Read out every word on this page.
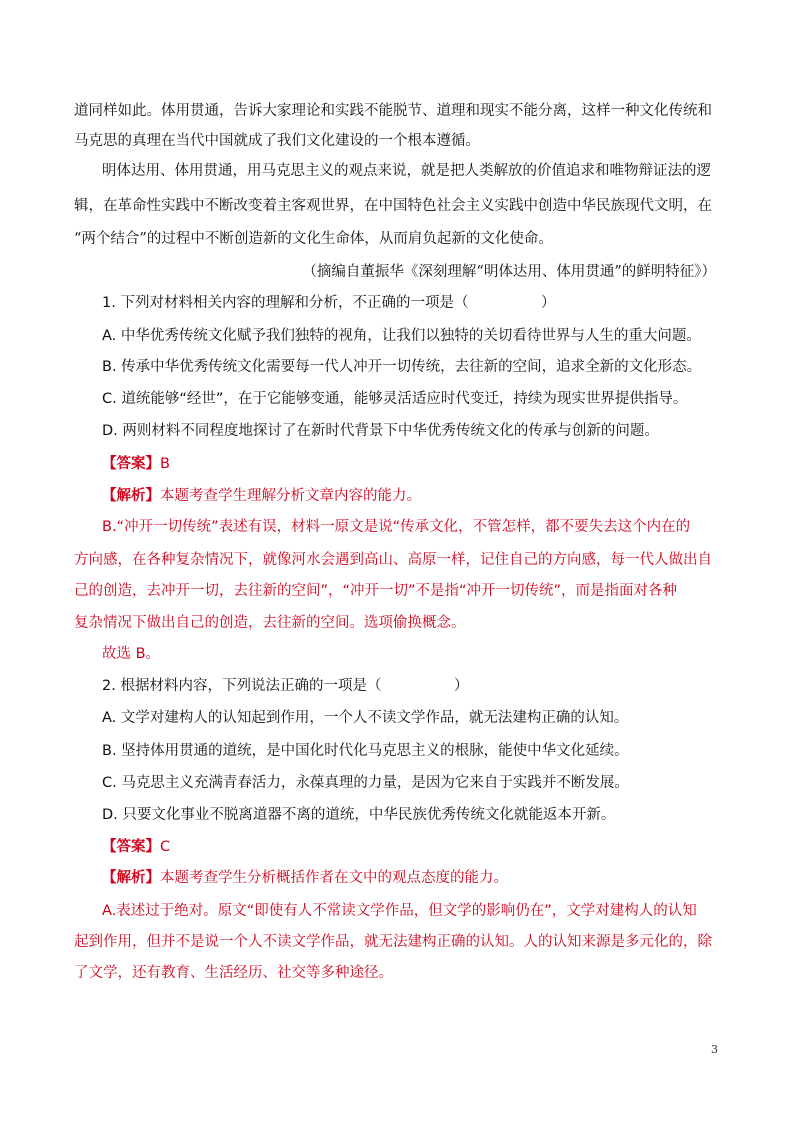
道同样如此。体用贯通，告诉大家理论和实践不能脱节、道理和现实不能分离，这样一种文化传统和
马克思的真理在当代中国就成了我们文化建设的一个根本遵循。
明体达用、体用贯通，用马克思主义的观点来说，就是把人类解放的价值追求和唯物辩证法的逻
辑，在革命性实践中不断改变着主客观世界，在中国特色社会主义实践中创造中华民族现代文明，在
“两个结合”的过程中不断创造新的文化生命体，从而肩负起新的文化使命。
（摘编自董振华《深刻理解“明体达用、体用贯通”的鲜明特征》）
1. 下列对材料相关内容的理解和分析，不正确的一项是（　　　　　）
A. 中华优秀传统文化赋予我们独特的视角，让我们以独特的关切看待世界与人生的重大问题。
B. 传承中华优秀传统文化需要每一代人冲开一切传统，去往新的空间，追求全新的文化形态。
C. 道统能够“经世”，在于它能够变通，能够灵活适应时代变迁，持续为现实世界提供指导。
D. 两则材料不同程度地探讨了在新时代背景下中华优秀传统文化的传承与创新的问题。
【答案】B
【解析】本题考查学生理解分析文章内容的能力。
B.“冲开一切传统”表述有误，材料一原文是说“传承文化，不管怎样，都不要失去这个内在的
方向感，在各种复杂情况下，就像河水会遇到高山、高原一样，记住自己的方向感，每一代人做出自
己的创造，去冲开一切，去往新的空间”，“冲开一切”不是指“冲开一切传统”，而是指面对各种
复杂情况下做出自己的创造，去往新的空间。选项偷换概念。
故选 B。
2. 根据材料内容，下列说法正确的一项是（　　　　　）
A. 文学对建构人的认知起到作用，一个人不读文学作品，就无法建构正确的认知。
B. 坚持体用贯通的道统，是中国化时代化马克思主义的根脉，能使中华文化延续。
C. 马克思主义充满青春活力，永葆真理的力量，是因为它来自于实践并不断发展。
D. 只要文化事业不脱离道器不离的道统，中华民族优秀传统文化就能返本开新。
【答案】C
【解析】本题考查学生分析概括作者在文中的观点态度的能力。
A.表述过于绝对。原文“即使有人不常读文学作品，但文学的影响仍在”，文学对建构人的认知
起到作用，但并不是说一个人不读文学作品，就无法建构正确的认知。人的认知来源是多元化的，除
了文学，还有教育、生活经历、社交等多种途径。
3
